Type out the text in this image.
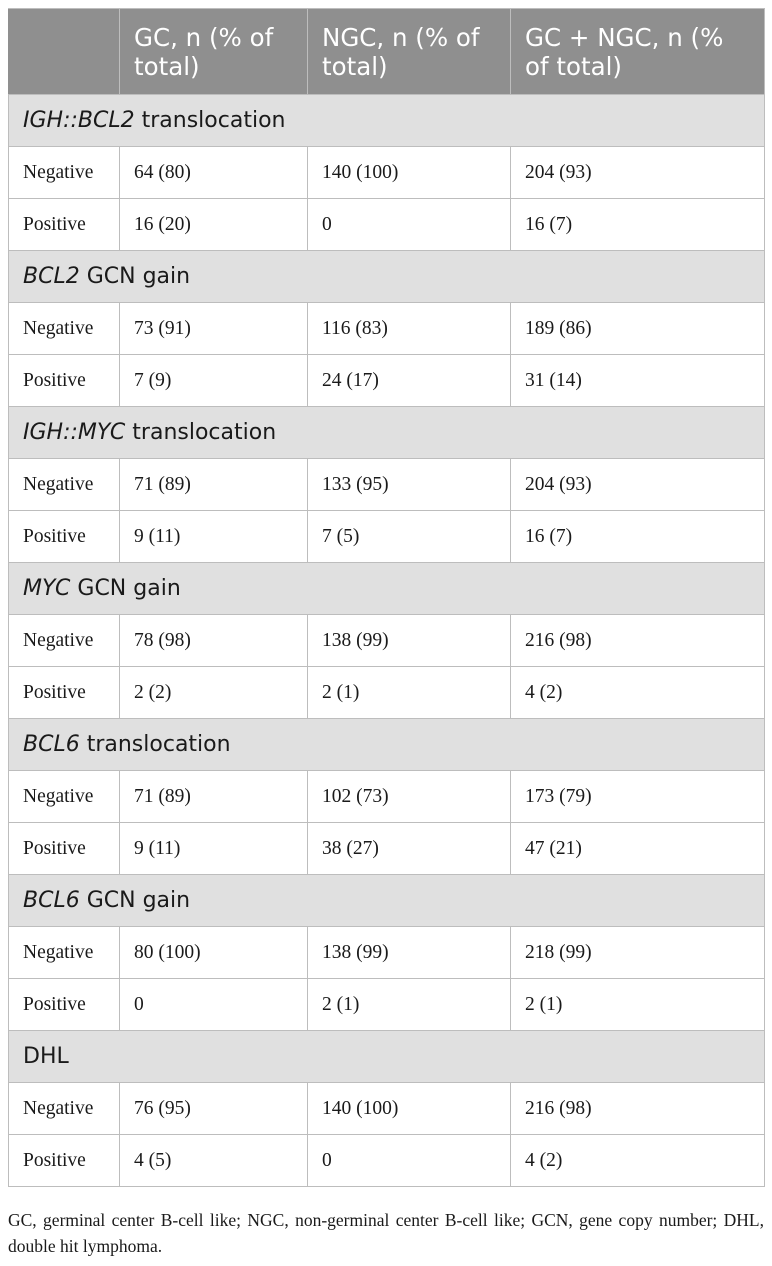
	GC, n (% of total)	NGC, n (% of total)	GC + NGC, n (% of total)
IGH::BCL2 translocation			
Negative	64 (80)	140 (100)	204 (93)
Positive	16 (20)	0	16 (7)
BCL2 GCN gain			
Negative	73 (91)	116 (83)	189 (86)
Positive	7 (9)	24 (17)	31 (14)
IGH::MYC translocation			
Negative	71 (89)	133 (95)	204 (93)
Positive	9 (11)	7 (5)	16 (7)
MYC GCN gain			
Negative	78 (98)	138 (99)	216 (98)
Positive	2 (2)	2 (1)	4 (2)
BCL6 translocation			
Negative	71 (89)	102 (73)	173 (79)
Positive	9 (11)	38 (27)	47 (21)
BCL6 GCN gain			
Negative	80 (100)	138 (99)	218 (99)
Positive	0	2 (1)	2 (1)
DHL			
Negative	76 (95)	140 (100)	216 (98)
Positive	4 (5)	0	4 (2)
GC, germinal center B-cell like; NGC, non-germinal center B-cell like; GCN, gene copy number; DHL, double hit lymphoma.
